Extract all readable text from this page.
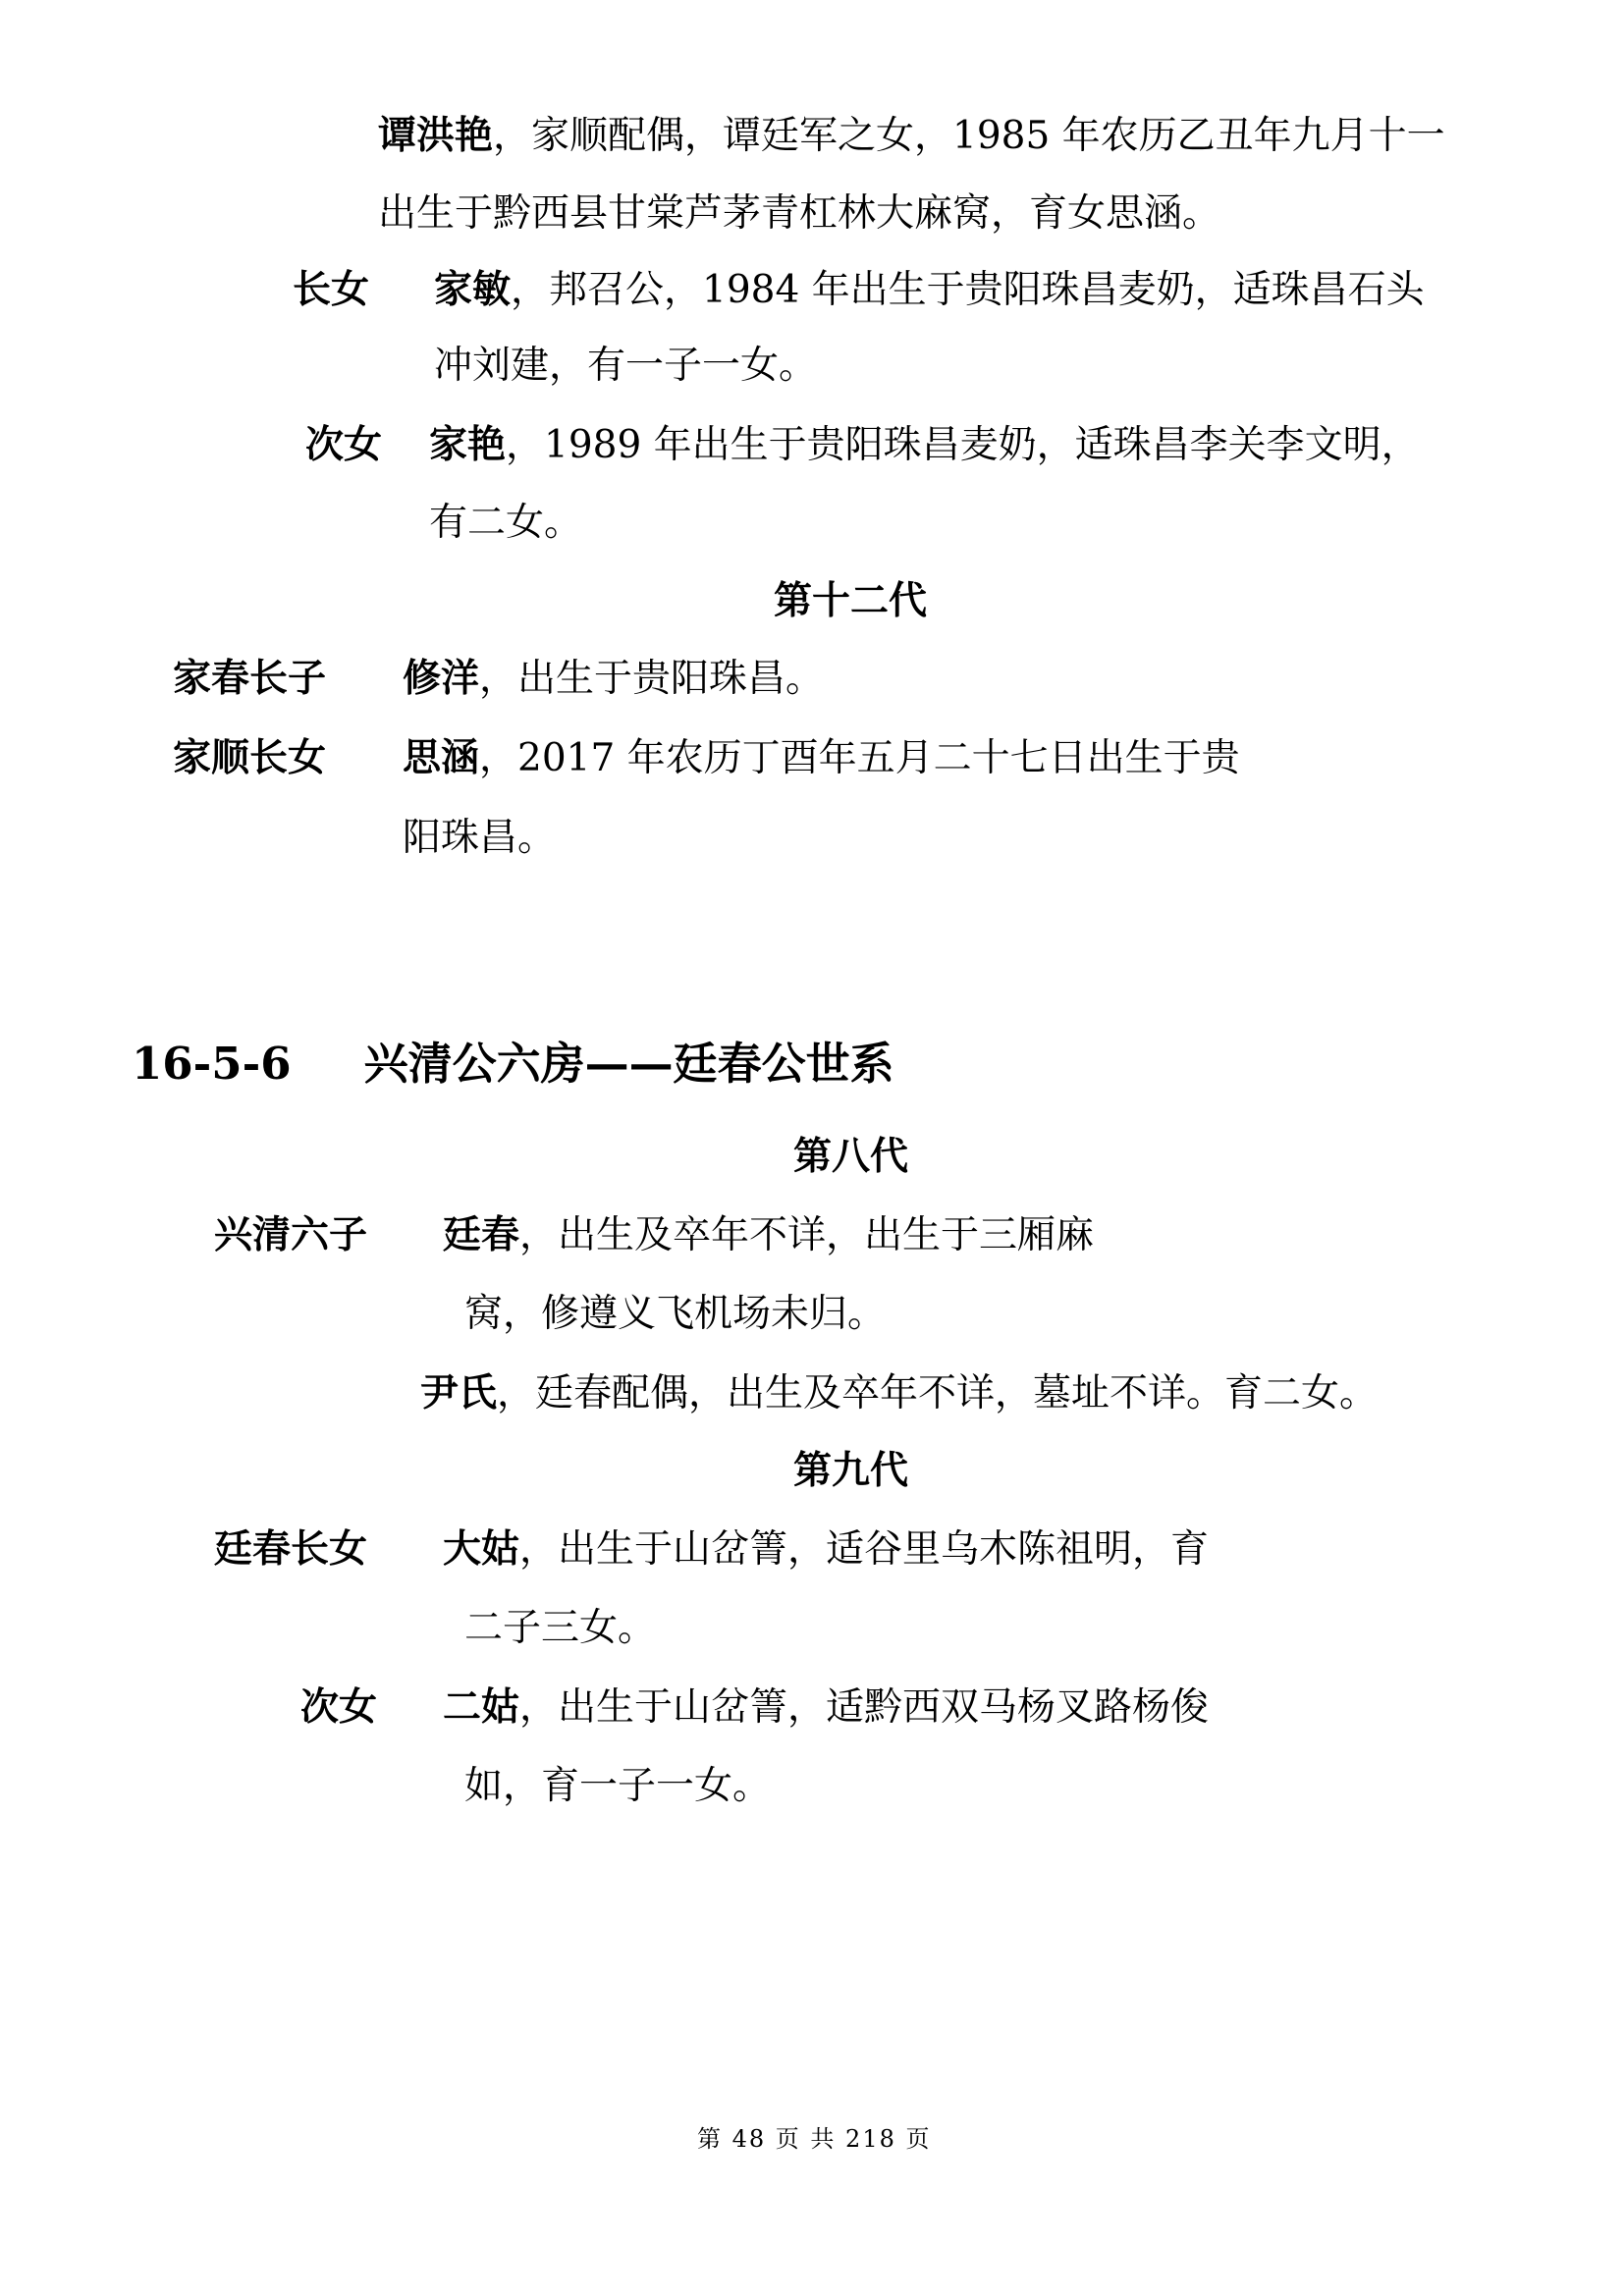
谭洪艳，家顺配偶，谭廷军之女，1985 年农历乙丑年九月十一
出生于黔西县甘棠芦茅青杠林大麻窝，育女思涵。
长女 家敏，邦召公，1984 年出生于贵阳珠昌麦奶，适珠昌石头
冲刘建，有一子一女。
次女 家艳，1989 年出生于贵阳珠昌麦奶，适珠昌李关李文明，
有二女。
第十二代
家春长子 修洋，出生于贵阳珠昌。
家顺长女 思涵，2017 年农历丁酉年五月二十七日出生于贵
阳珠昌。
16-5-6 兴清公六房——廷春公世系
第八代
兴清六子 廷春，出生及卒年不详，出生于三厢麻
窝，修遵义飞机场未归。
尹氏，廷春配偶，出生及卒年不详，墓址不详。育二女。
第九代
廷春长女 大姑，出生于山岔箐，适谷里乌木陈祖明，育
二子三女。
次女 二姑，出生于山岔箐，适黔西双马杨叉路杨俊
如，育一子一女。
第 48 页 共 218 页
